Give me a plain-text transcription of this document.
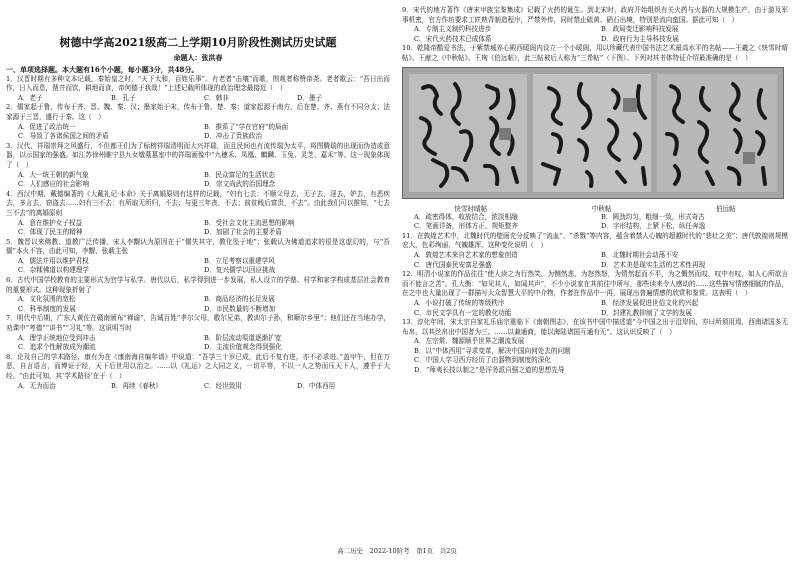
树德中学高2021级高二上学期10月阶段性测试历史试题
命题人：张洪春
一、单项选择题。本大题有16个小题，每小题3分，共48分。
1．汉晋时期有多种文本记载，秦始皇之时，“天下太和，百姓乐事”。有老者“击壤”而歌，围观者称赞帝尧。老者歌云：“吾日出而作，日入而息，凿井而饮，耕地而食，帝何德于我哉！”上述记载所体现的政治理念最接近（　）
A．老子	B．孔子	C．韩非	D．墨子
2．儒家起于鲁，传布于齐、晋、魏、秦、汉；墨家始于宋，传布于鲁、楚、秦；道家起源于南方，后在楚、齐、燕有不同分支；法家源于三晋，盛行于秦。这（　）
A．促进了政治统一	B．推系了“学在官府”的局面
C．导致了各诸侯国之间的矛盾	D．冲击了贵族政治
3．汉代，祥瑞崇拜之风盛行，不但都王们为了标榜祥瑞清明而大兴祥瑞，而且民间也有流传瑞为太平，将图腾瑞的出现而伪造或意器，以示国家的强盛。如江苏徐州睢宁县九女墩墓墓室中的祥瑞画像中“九穗禾、凤凰、麒麟、玉兔、灵芝、嘉禾”等。这一现象体现了（　）
A．大一统王朝的新气象	B．民众富足的生活状态
C．人们感应的社会影响	D．崇文尚武的治国理念
4．西汉中期，戴德编著的《大戴礼记·本命》关于离婚原则有这样的记载，“妇有七去：不顺父母去，无子去，淫去，妒去，有恶疾去，多言去，窃盗去……妇有三不去：有所取无所归，不去；与更三年丧，不去；前贫贱后富贵，不去”。由此我们可以推知，“七去三不去”的离婚原则
A．意在维护女子权益	B．受社会文化主流思想的影响
C．体现了民主的精神	D．加剧了社会的主要矛盾
5．魏晋以来佛教、道教广泛传播，宋人李觏认为原因在于“儒失其守，教化坠于地”；张载认为佛道追求的很是这虚幻的，与“吾儒”本火不容，由此可知，李觏、张载主张
A．儒法并用以维护君权	B．立足考察以重建学风
C．杂糅佛道以构建理学	D．复兴儒学以回应挑战
6．古代中国学校教育的主要形式为官学与私学。唐代以后，私学得到进一步发展，私人设立的学塾、村学和家学构成基层社会教育的重要形式。这种现象折射了
A．文化氛围的宽松	B．商品经济的长足发展
C．科举制度的发展	D．市民数量的不断增加
7．明代中后期，广东人黄佐在赣南颁布“禅谕”，告诫百姓“孝尔父母，敬尔兄弟，教训尔子孙，和顺尔乡里”；他们还在当地办学，劝课中“考德”“讲书”“习礼”等。这说明当时
A．理学正统地位受到冲击	B．阶层流动渠道逐渐扩宽
C．追求个性解放成为潮流	D．主流价值观念得到强化
8．论及自己的学术路径，康有为在《康南海自编年谱》中说道：“吾学三十岁已成，此后不复有进，亦不必求进。”盖甲午，但在万恶，自言语言，而博证于经，天下后世用以治之。……以《礼运》之大同之义，一切平等，不以一人之势而压天下人，遵乎于大经。“由此可知，其‘学术路径’在于（　）
A．无为而治	B．再续《春秋》	C．经世致用	D．中体西用
9．宋代的地方著作《唐宋甲族宝鉴集成》记载了火药的诞生。到北宋时，政府开始组织有关火药与火器的大规模生产，由于游及军事机密，官方作坊要求工匠熟背制造程序，严禁外传，同时禁止硫黄、硝石出境，特别是流向蛮国。据此可知（　）
A．专制主义制约科技进步	B．政局变迁影响科技发展
C．宋代火药技术已成体系	D．政府行为主导科技发展
10．乾隆帝酷爱书法，于紫禁城养心殿西暖阁内设立一个小暖阁，用以珍藏代表中国书法艺术最高水平的名帖——王羲之《快雪时晴帖》、王献之《中秋帖》、王珣《伯远帖》，此三帖被后人称为“三希帖”（下图）。下列对其书体特征介绍最准确的是（　）
快雪时晴帖	中秋帖	伯远帖
A．疏密得体，收放结合，浓淡相融	B．圆劲均匀，粗细一致，形式奇古
C．笔画详备，形体方正，规矩整齐	D．字形结构，上紧下松，纵任奔逸
11．在敦煌艺术中，北魏时代的壁画充分反映了“流血”、“杀戮”等内容，蕴含着禁人心魄的超越时代的“悲壮之美”；唐代敦煌则规模宏大，色彩绚丽，气魄雄浑。这种变化说明（　）
A．敦煌艺术来自艺术家的想象创造	B．北魏时期社会动荡不安
C．唐代国泰民安富足强盛	D．艺术美是现实生活的艺术性再现
12．明清小说家的作品往往“使人读之为行然笑，为恻然悲，为怒然怒，为情然起而不平，为之慨然而叹，叹中有叹，如人心所欲言而不能言之苦”。孔大衡：“如见其人，如闻其声”，不少小说家在其前往中所写，那些读来令人感动的……这些描写情感细腻的作品，在之中也大量出现了一群描写大众智慧大平的中介物，作者在作品中一再，展现出普遍情感的欣赏和鉴赏。这表明（　）
A．小说打破了传统的等级秩序	B．经济发展促进世俗文化的兴起
C．市民文学具有一定的教化功能	D．封建礼教抑制了文学的发展
13．淳化年间，宋太宗自家礼乐庙宗重临下《南朝图志》，在该书中国中描述道“今中国之出于沿岸间，亦曰所须用焉，西南诸国多无布帛，以其丝帛出中国者为三。……以兼通商，能以海陆诸国互通有无”。这认识反映了（　）
A．左宗棠、魏源顺乎世界之潮流发展
B．以“中体西用”寻求变革，解决中国向何处去的问题
C．中国人学习西方经历了由器物到制度的深化
D．“师夷长技以制之”是洋务派自强之道的思想先导
高二历史　2022-10阶考　第1页　共2页
